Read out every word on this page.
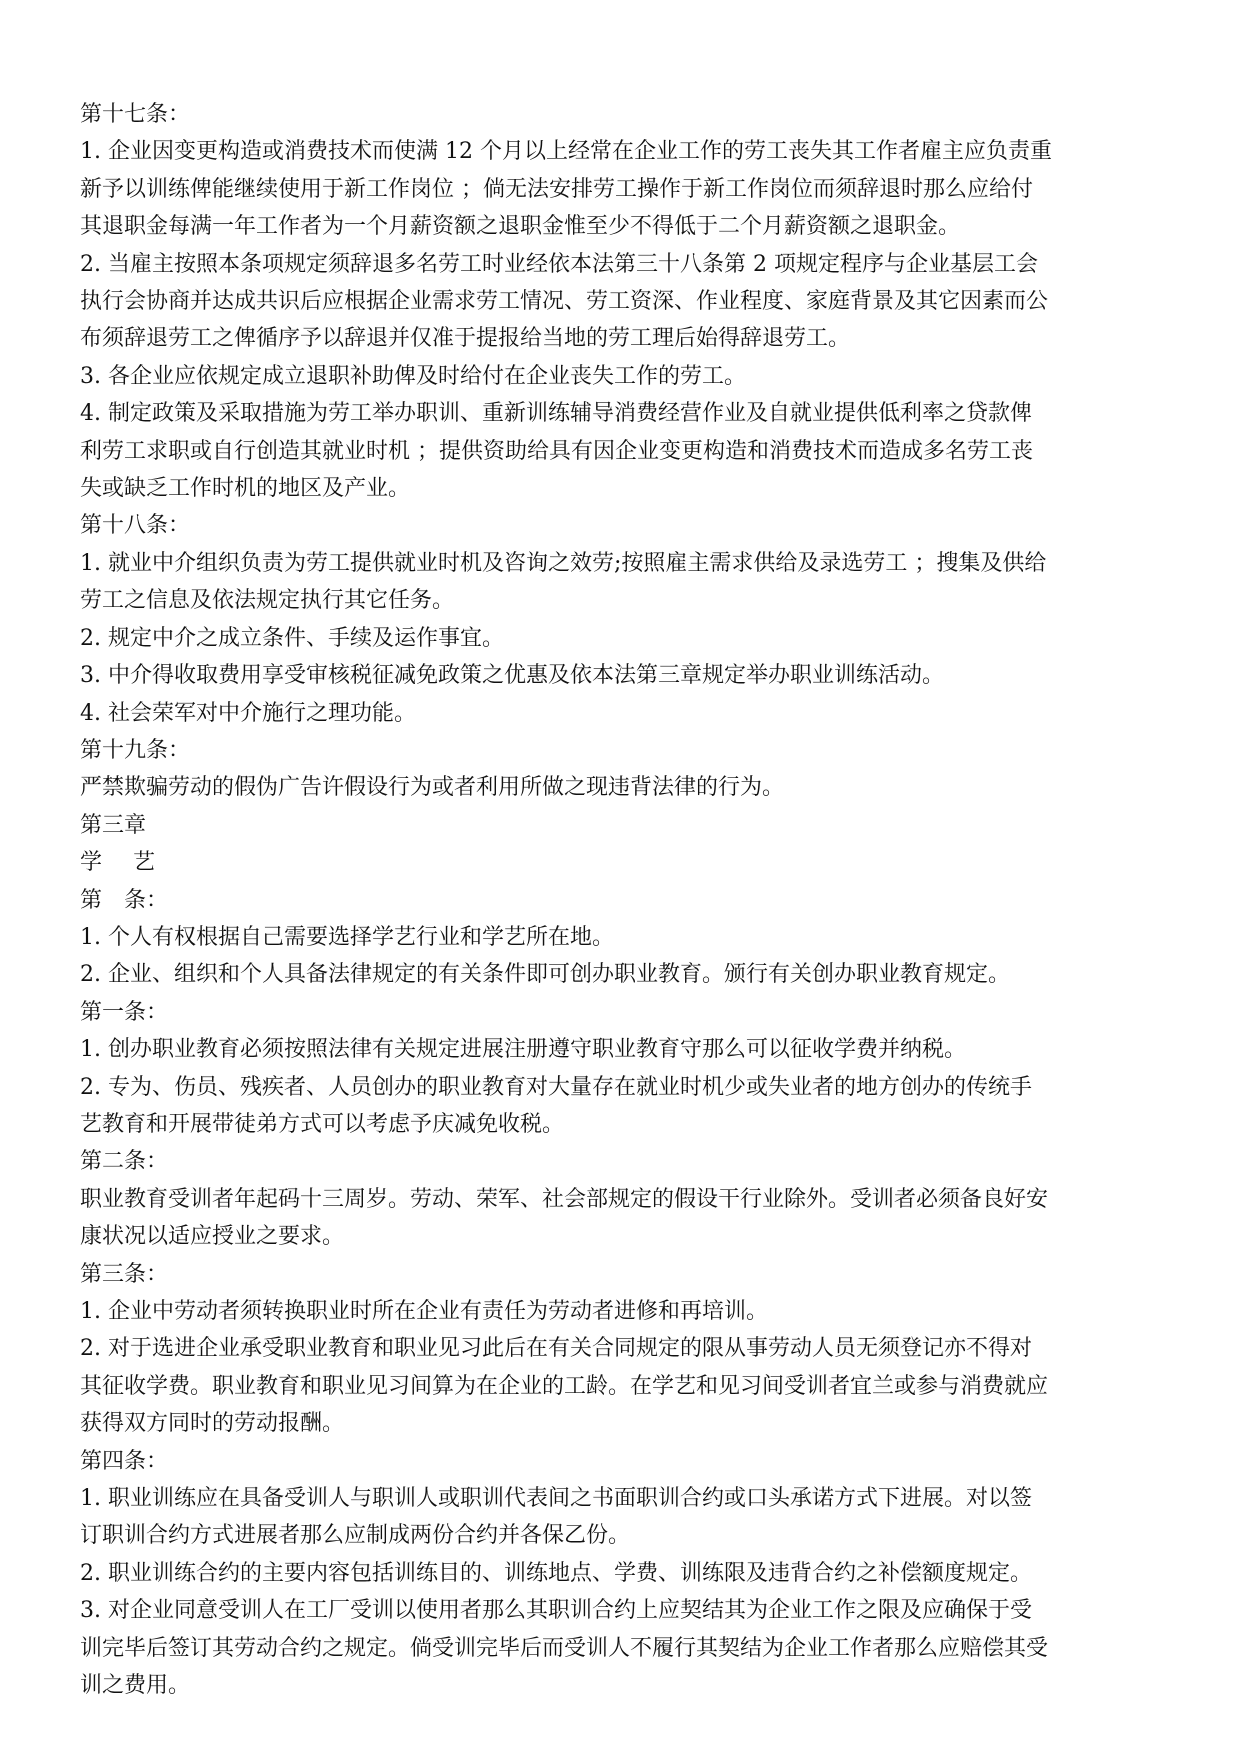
第十七条：
1. 企业因变更构造或消费技术而使满 12 个月以上经常在企业工作的劳工丧失其工作者雇主应负责重
新予以训练俾能继续使用于新工作岗位 ；倘无法安排劳工操作于新工作岗位而须辞退时那么应给付
其退职金每满一年工作者为一个月薪资额之退职金惟至少不得低于二个月薪资额之退职金。
2. 当雇主按照本条项规定须辞退多名劳工时业经依本法第三十八条第 2 项规定程序与企业基层工会
执行会协商并达成共识后应根据企业需求劳工情况、劳工资深、作业程度、家庭背景及其它因素而公
布须辞退劳工之俾循序予以辞退并仅准于提报给当地的劳工理后始得辞退劳工。
3. 各企业应依规定成立退职补助俾及时给付在企业丧失工作的劳工。
4. 制定政策及采取措施为劳工举办职训、重新训练辅导消费经营作业及自就业提供低利率之贷款俾
利劳工求职或自行创造其就业时机 ；提供资助给具有因企业变更构造和消费技术而造成多名劳工丧
失或缺乏工作时机的地区及产业。
第十八条：
1. 就业中介组织负责为劳工提供就业时机及咨询之效劳;按照雇主需求供给及录选劳工 ；搜集及供给
劳工之信息及依法规定执行其它任务。
2. 规定中介之成立条件、手续及运作事宜。
3. 中介得收取费用享受审核税征减免政策之优惠及依本法第三章规定举办职业训练活动。
4. 社会荣军对中介施行之理功能。
第十九条：
严禁欺骗劳动的假伪广告许假设行为或者利用所做之现违背法律的行为。
第三章
学 艺
第　条：
1. 个人有权根据自己需要选择学艺行业和学艺所在地。
2. 企业、组织和个人具备法律规定的有关条件即可创办职业教育。颁行有关创办职业教育规定。
第一条：
1. 创办职业教育必须按照法律有关规定进展注册遵守职业教育守那么可以征收学费并纳税。
2. 专为、伤员、残疾者、人员创办的职业教育对大量存在就业时机少或失业者的地方创办的传统手
艺教育和开展带徒弟方式可以考虑予庆减免收税。
第二条：
职业教育受训者年起码十三周岁。劳动、荣军、社会部规定的假设干行业除外。受训者必须备良好安
康状况以适应授业之要求。
第三条：
1. 企业中劳动者须转换职业时所在企业有责任为劳动者进修和再培训。
2. 对于选进企业承受职业教育和职业见习此后在有关合同规定的限从事劳动人员无须登记亦不得对
其征收学费。职业教育和职业见习间算为在企业的工龄。在学艺和见习间受训者宜兰或参与消费就应
获得双方同时的劳动报酬。
第四条：
1. 职业训练应在具备受训人与职训人或职训代表间之书面职训合约或口头承诺方式下进展。对以签
订职训合约方式进展者那么应制成两份合约并各保乙份。
2. 职业训练合约的主要内容包括训练目的、训练地点、学费、训练限及违背合约之补偿额度规定。
3. 对企业同意受训人在工厂受训以使用者那么其职训合约上应契结其为企业工作之限及应确保于受
训完毕后签订其劳动合约之规定。倘受训完毕后而受训人不履行其契结为企业工作者那么应赔偿其受
训之费用。
